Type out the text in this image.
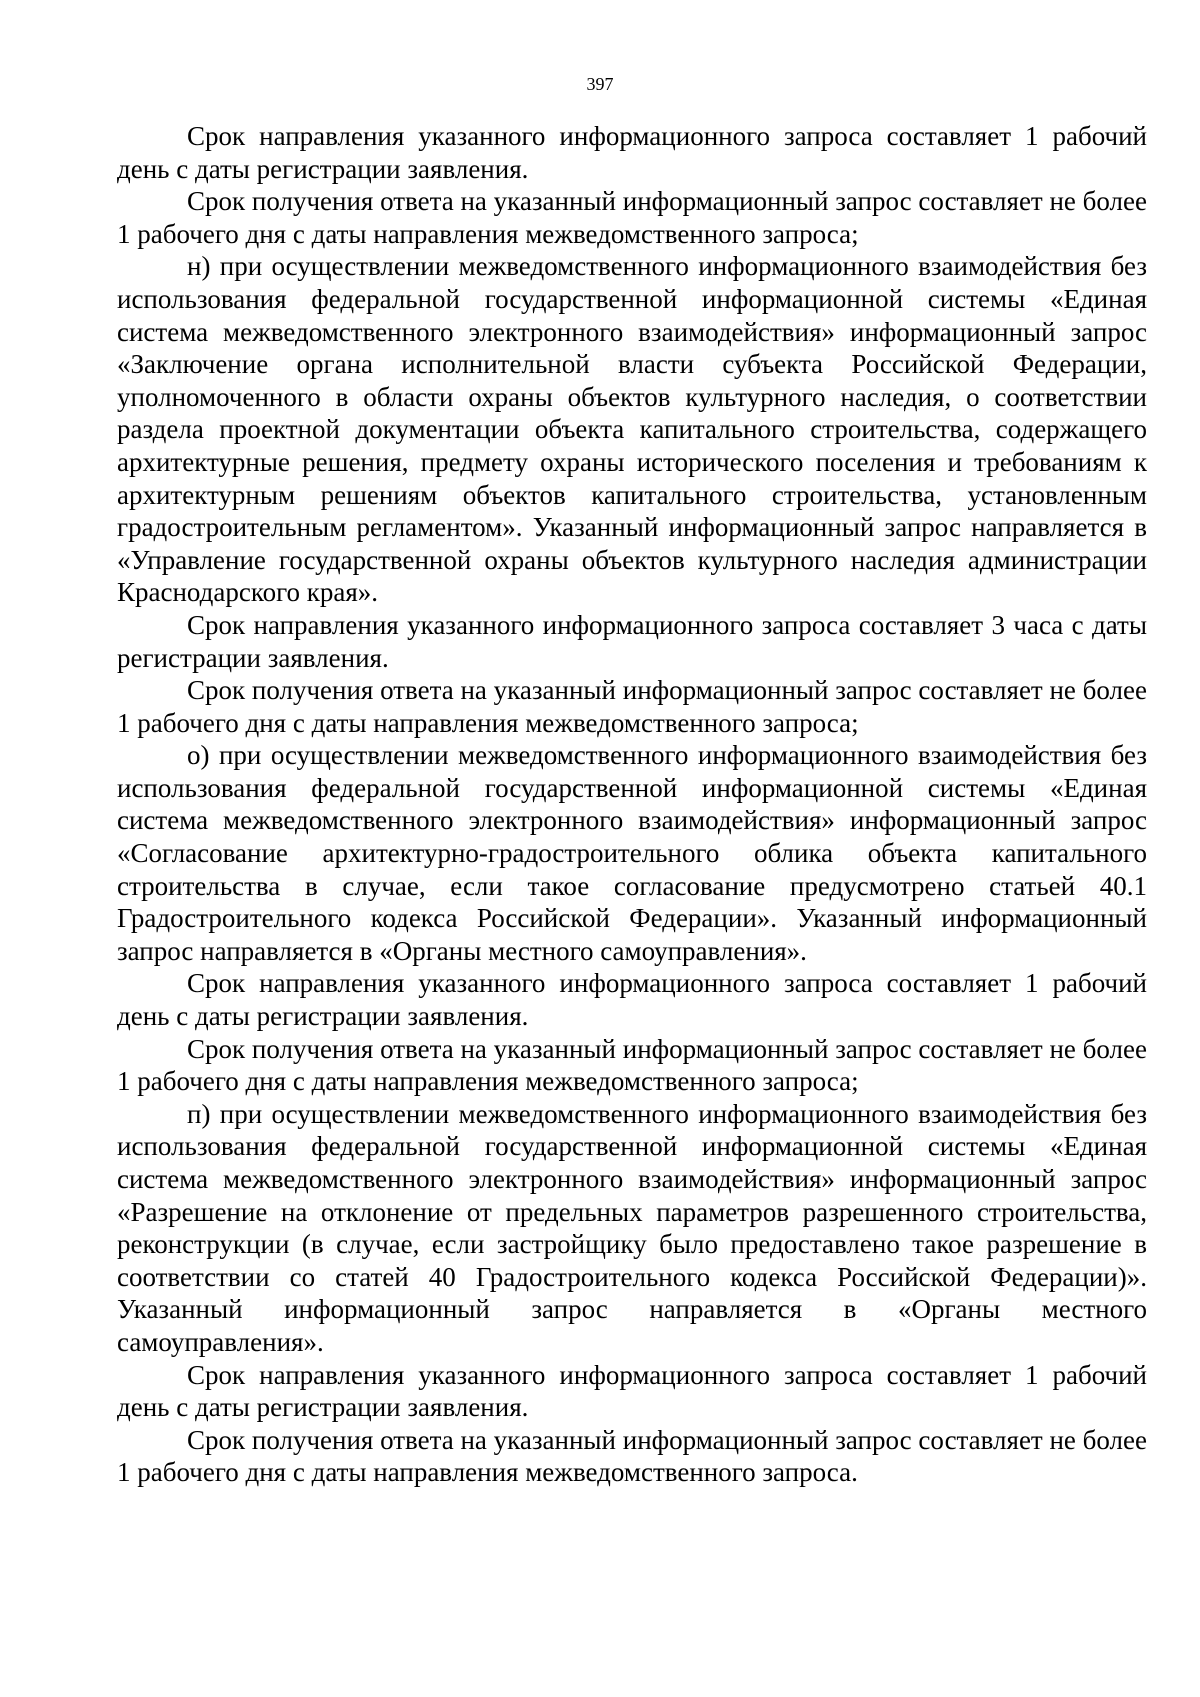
397

Срок направления указанного информационного запроса составляет 1 рабочий день с даты регистрации заявления.

Срок получения ответа на указанный информационный запрос составляет не более 1 рабочего дня с даты направления межведомственного запроса;

н) при осуществлении межведомственного информационного взаимодействия без использования федеральной государственной информационной системы «Единая система межведомственного электронного взаимодействия» информационный запрос «Заключение органа исполнительной власти субъекта Российской Федерации, уполномоченного в области охраны объектов культурного наследия, о соответствии раздела проектной документации объекта капитального строительства, содержащего архитектурные решения, предмету охраны исторического поселения и требованиям к архитектурным решениям объектов капитального строительства, установленным градостроительным регламентом». Указанный информационный запрос направляется в «Управление государственной охраны объектов культурного наследия администрации Краснодарского края».

Срок направления указанного информационного запроса составляет 3 часа с даты регистрации заявления.

Срок получения ответа на указанный информационный запрос составляет не более 1 рабочего дня с даты направления межведомственного запроса;

о) при осуществлении межведомственного информационного взаимодействия без использования федеральной государственной информационной системы «Единая система межведомственного электронного взаимодействия» информационный запрос «Согласование архитектурно-градостроительного облика объекта капитального строительства в случае, если такое согласование предусмотрено статьей 40.1 Градостроительного кодекса Российской Федерации». Указанный информационный запрос направляется в «Органы местного самоуправления».

Срок направления указанного информационного запроса составляет 1 рабочий день с даты регистрации заявления.

Срок получения ответа на указанный информационный запрос составляет не более 1 рабочего дня с даты направления межведомственного запроса;

п) при осуществлении межведомственного информационного взаимодействия без использования федеральной государственной информационной системы «Единая система межведомственного электронного взаимодействия» информационный запрос «Разрешение на отклонение от предельных параметров разрешенного строительства, реконструкции (в случае, если застройщику было предоставлено такое разрешение в соответствии со статей 40 Градостроительного кодекса Российской Федерации)». Указанный информационный запрос направляется в «Органы местного самоуправления».

Срок направления указанного информационного запроса составляет 1 рабочий день с даты регистрации заявления.

Срок получения ответа на указанный информационный запрос составляет не более 1 рабочего дня с даты направления межведомственного запроса.
